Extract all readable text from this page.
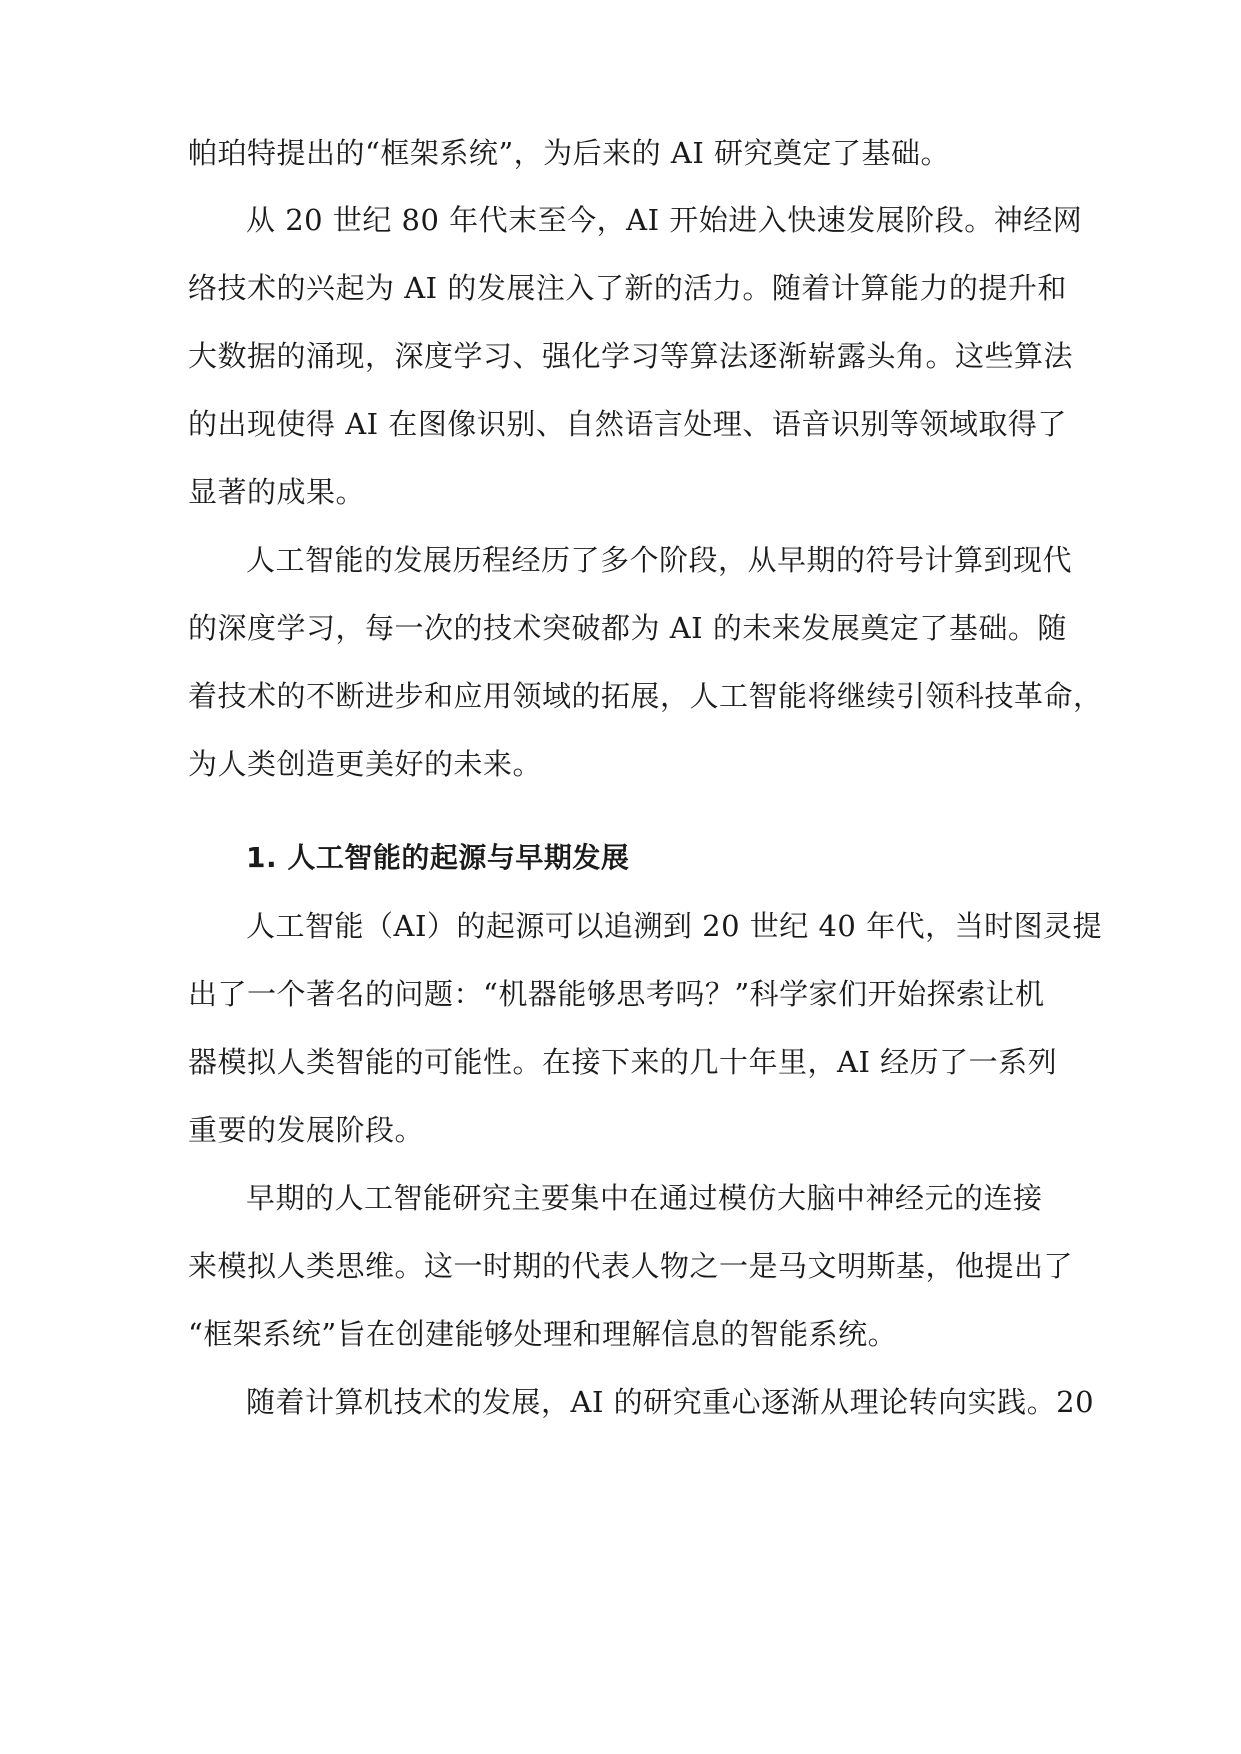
帕珀特提出的“框架系统”，为后来的 AI 研究奠定了基础。
从 20 世纪 80 年代末至今，AI 开始进入快速发展阶段。神经网
络技术的兴起为 AI 的发展注入了新的活力。随着计算能力的提升和
大数据的涌现，深度学习、强化学习等算法逐渐崭露头角。这些算法
的出现使得 AI 在图像识别、自然语言处理、语音识别等领域取得了
显著的成果。
人工智能的发展历程经历了多个阶段，从早期的符号计算到现代
的深度学习，每一次的技术突破都为 AI 的未来发展奠定了基础。随
着技术的不断进步和应用领域的拓展，人工智能将继续引领科技革命，
为人类创造更美好的未来。
1. 人工智能的起源与早期发展
人工智能（AI）的起源可以追溯到 20 世纪 40 年代，当时图灵提
出了一个著名的问题：“机器能够思考吗？”科学家们开始探索让机
器模拟人类智能的可能性。在接下来的几十年里，AI 经历了一系列
重要的发展阶段。
早期的人工智能研究主要集中在通过模仿大脑中神经元的连接
来模拟人类思维。这一时期的代表人物之一是马文明斯基，他提出了
“框架系统”旨在创建能够处理和理解信息的智能系统。
随着计算机技术的发展，AI 的研究重心逐渐从理论转向实践。20
